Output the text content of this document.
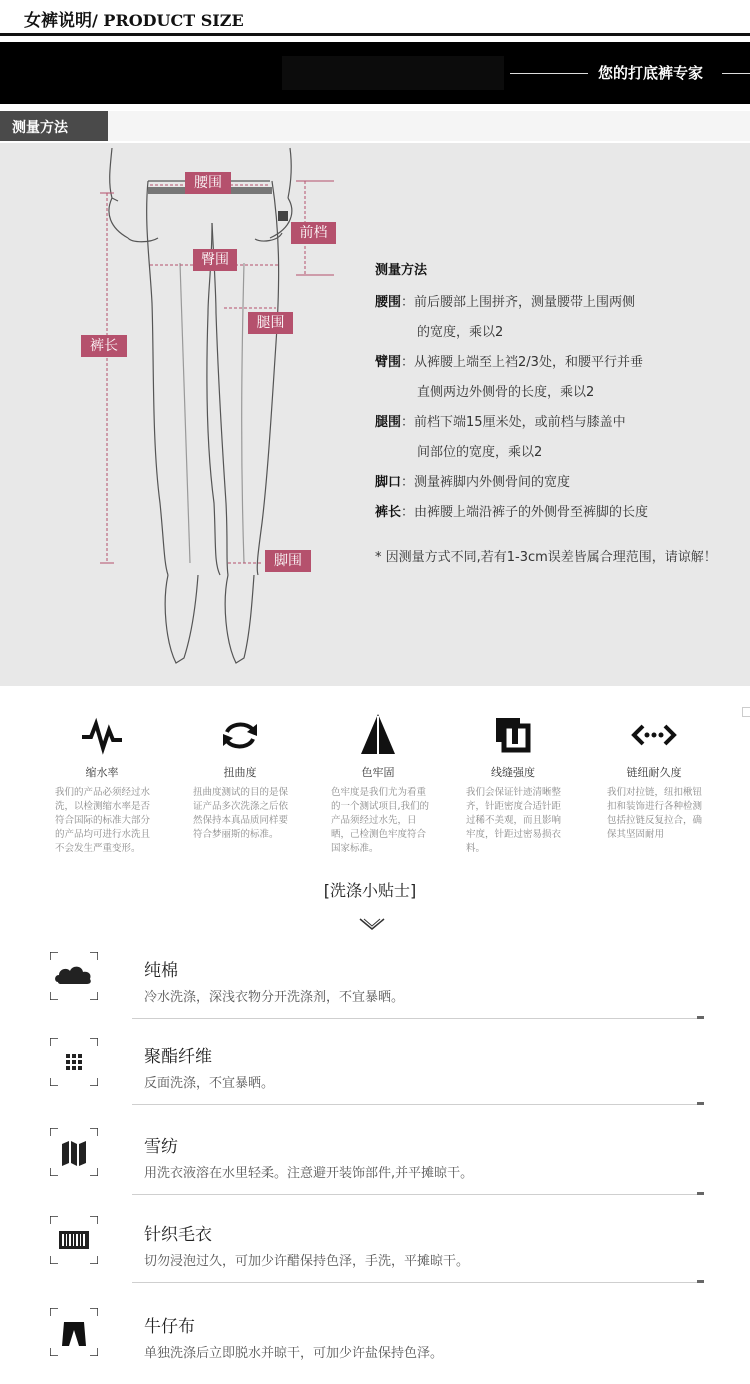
女裤说明/ PRODUCT SIZE
您的打底裤专家
测量方法
腰围
前档
臀围
腿围
裤长
脚围
测量方法
腰围：前后腰部上围拼齐，测量腰带上围两侧
的宽度，乘以2
臂围：从裤腰上端至上裆2/3处，和腰平行并垂
直侧两边外侧骨的长度，乘以2
腿围：前档下端15厘米处，或前档与膝盖中
间部位的宽度，乘以2
脚口：测量裤脚内外侧骨间的宽度
裤长：由裤腰上端沿裤子的外侧骨至裤脚的长度
* 因测量方式不同,若有1-3cm误差皆属合理范围，请谅解！
缩水率
我们的产品必须经过水洗，以检测缩水率是否符合国际的标准大部分的产品均可进行水洗且不会发生严重变形。
扭曲度
扭曲度测试的目的是保证产品多次洗涤之后依然保持本真品质同样要符合梦丽斯的标准。
色牢固
色牢度是我们尤为看重的一个测试项目,我们的产品须经过水先，日晒，己检测色牢度符合国家标准。
线缝强度
我们会保证针迹清晰整齐，针距密度合适针距过稀不美观，而且影响牢度，针距过密易损衣料。
链纽耐久度
我们对拉链，纽扣楸钮扣和装饰进行各种检测包括拉链反复拉合，确保其坚固耐用
[洗涤小贴士]
纯棉
冷水洗涤，深浅衣物分开洗涤剂，不宜暴晒。
聚酯纤维
反面洗涤，不宜暴晒。
雪纺
用洗衣液溶在水里轻柔。注意避开装饰部件,并平摊晾干。
针织毛衣
切勿浸泡过久，可加少许醋保持色泽，手洗，平摊晾干。
牛仔布
单独洗涤后立即脱水并晾干，可加少许盐保持色泽。
